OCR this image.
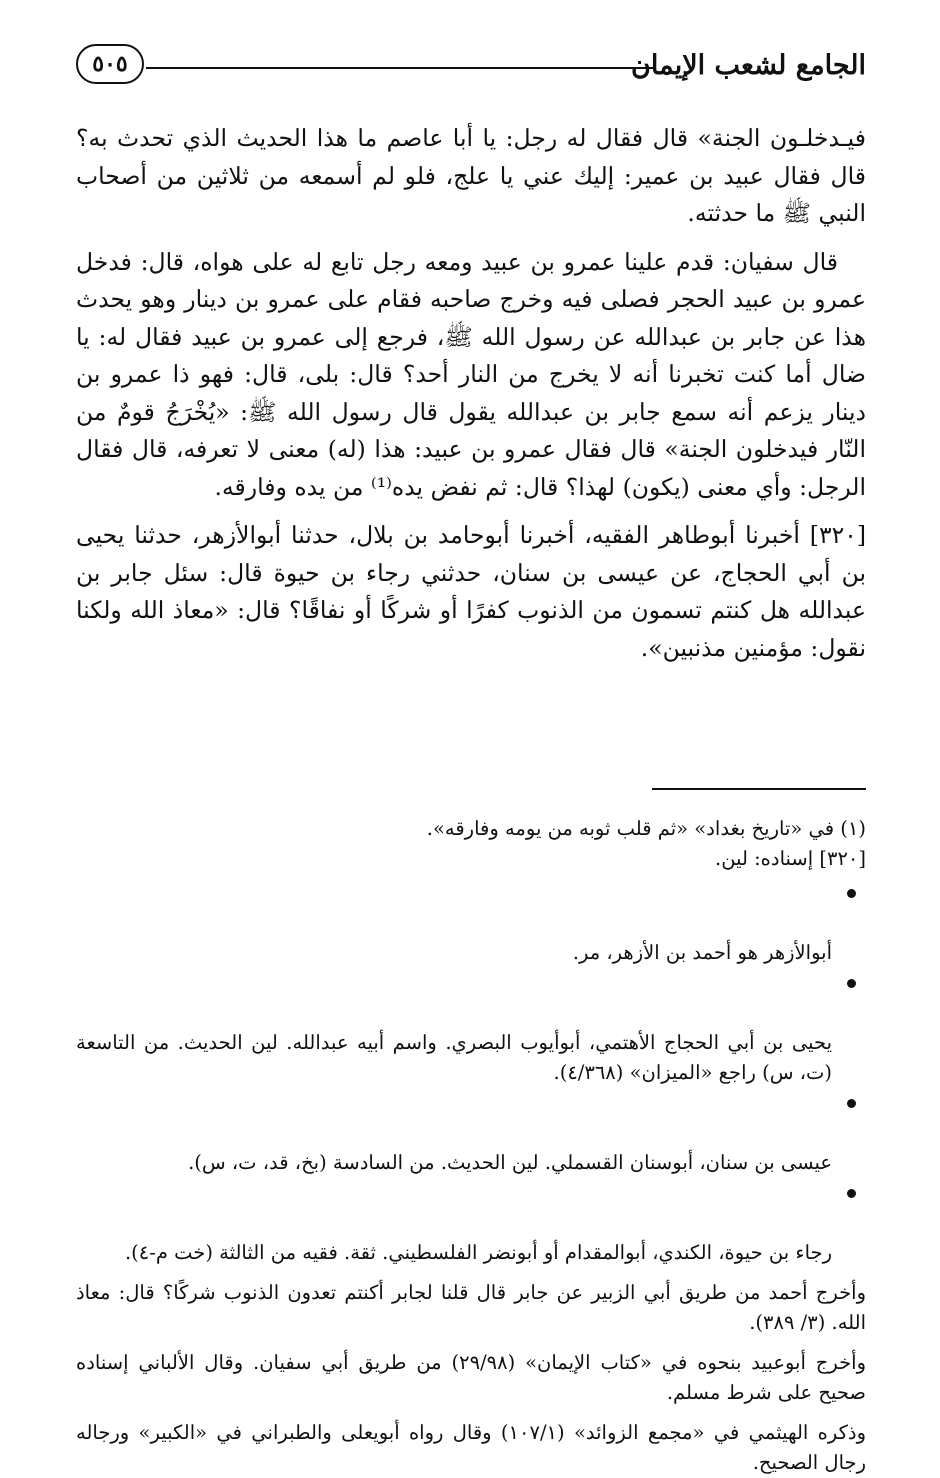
الجامع لشعب الإيمان
٥٠٥

فيـدخلـون الجنة» قال فقال له رجل: يا أبا عاصم ما هذا الحديث الذي تحدث به؟ قال فقال عبيد بن عمير: إليك عني يا علج، فلو لم أسمعه من ثلاثين من أصحاب النبي ﷺ ما حدثته.

قال سفيان: قدم علينا عمرو بن عبيد ومعه رجل تابع له على هواه، قال: فدخل عمرو بن عبيد الحجر فصلى فيه وخرج صاحبه فقام على عمرو بن دينار وهو يحدث هذا عن جابر بن عبدالله عن رسول الله ﷺ، فرجع إلى عمرو بن عبيد فقال له: يا ضال أما كنت تخبرنا أنه لا يخرج من النار أحد؟ قال: بلى، قال: فهو ذا عمرو بن دينار يزعم أنه سمع جابر بن عبدالله يقول قال رسول الله ﷺ: «يُخْرَجُ قومٌ من النّار فيدخلون الجنة» قال فقال عمرو بن عبيد: هذا (له) معنى لا تعرفه، قال فقال الرجل: وأي معنى (يكون) لهذا؟ قال: ثم نفض يده⁽¹⁾ من يده وفارقه.

[٣٢٠] أخبرنا أبوطاهر الفقيه، أخبرنا أبوحامد بن بلال، حدثنا أبوالأزهر، حدثنا يحيى بن أبي الحجاج، عن عيسى بن سنان، حدثني رجاء بن حيوة قال: سئل جابر بن عبدالله هل كنتم تسمون من الذنوب كفرًا أو شركًا أو نفاقًا؟ قال: «معاذ الله ولكنا نقول: مؤمنين مذنبين».

(١) في «تاريخ بغداد» «ثم قلب ثوبه من يومه وفارقه».

[٣٢٠] إسناده: لين.

أبوالأزهر هو أحمد بن الأزهر، مر.

يحيى بن أبي الحجاج الأهتمي، أبوأيوب البصري. واسم أبيه عبدالله. لين الحديث. من التاسعة (ت، س) راجع «الميزان» (٤/٣٦٨).

عيسى بن سنان، أبوسنان القسملي. لين الحديث. من السادسة (بخ، قد، ت، س).

رجاء بن حيوة، الكندي، أبوالمقدام أو أبونضر الفلسطيني. ثقة. فقيه من الثالثة (خت م-٤).

وأخرج أحمد من طريق أبي الزبير عن جابر قال قلنا لجابر أكنتم تعدون الذنوب شركًا؟ قال: معاذ الله. (٣/ ٣٨٩).

وأخرج أبوعبيد بنحوه في «كتاب الإيمان» (٢٩/٩٨) من طريق أبي سفيان. وقال الألباني إسناده صحيح على شرط مسلم.

وذكره الهيثمي في «مجمع الزوائد» (١٠٧/١) وقال رواه أبويعلى والطبراني في «الكبير» ورجاله رجال الصحيح.
